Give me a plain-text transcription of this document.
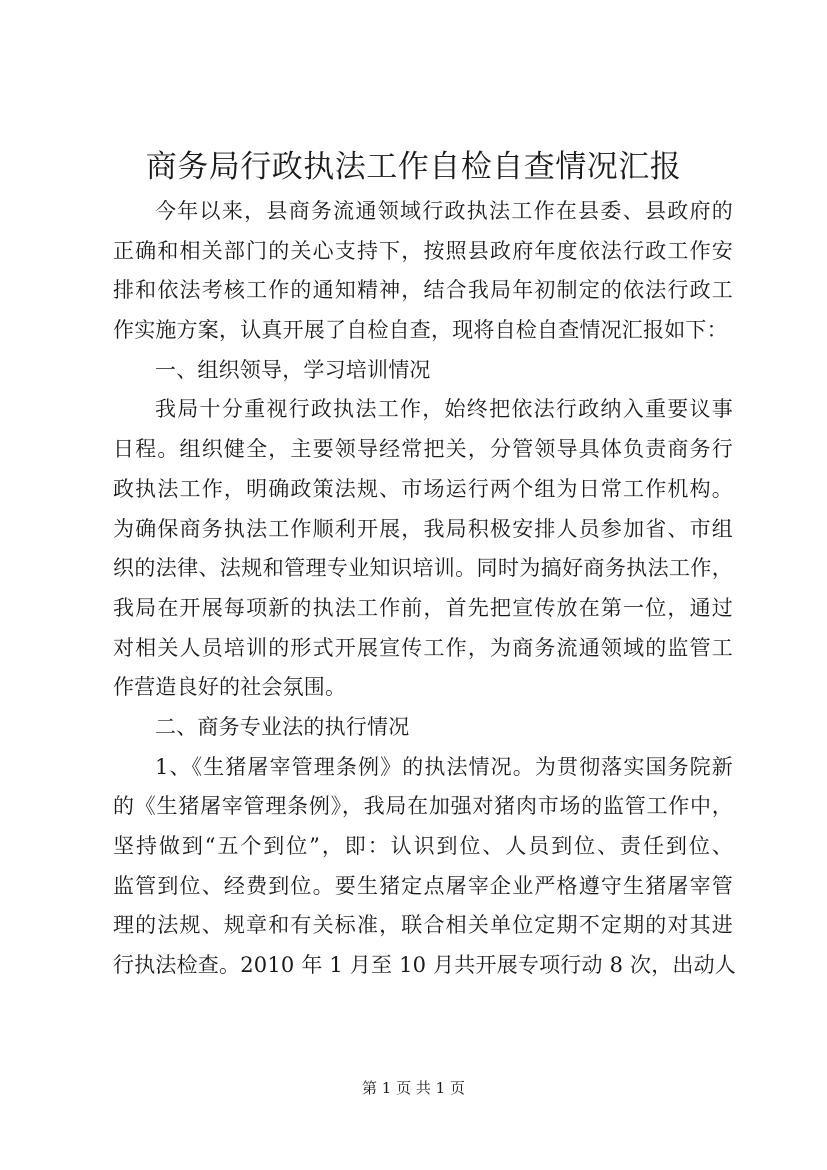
商务局行政执法工作自检自查情况汇报
今年以来，县商务流通领域行政执法工作在县委、县政府的
正确和相关部门的关心支持下，按照县政府年度依法行政工作安
排和依法考核工作的通知精神，结合我局年初制定的依法行政工
作实施方案，认真开展了自检自查，现将自检自查情况汇报如下：
一、组织领导，学习培训情况
我局十分重视行政执法工作，始终把依法行政纳入重要议事
日程。组织健全，主要领导经常把关，分管领导具体负责商务行
政执法工作，明确政策法规、市场运行两个组为日常工作机构。
为确保商务执法工作顺利开展，我局积极安排人员参加省、市组
织的法律、法规和管理专业知识培训。同时为搞好商务执法工作，
我局在开展每项新的执法工作前，首先把宣传放在第一位，通过
对相关人员培训的形式开展宣传工作，为商务流通领域的监管工
作营造良好的社会氛围。
二、商务专业法的执行情况
1、《生猪屠宰管理条例》的执法情况。为贯彻落实国务院新
的《生猪屠宰管理条例》，我局在加强对猪肉市场的监管工作中，
坚持做到“五个到位”，即：认识到位、人员到位、责任到位、
监管到位、经费到位。要生猪定点屠宰企业严格遵守生猪屠宰管
理的法规、规章和有关标准，联合相关单位定期不定期的对其进
行执法检查。2010 年 1 月至 10 月共开展专项行动 8 次，出动人
第 1 页 共 1 页
